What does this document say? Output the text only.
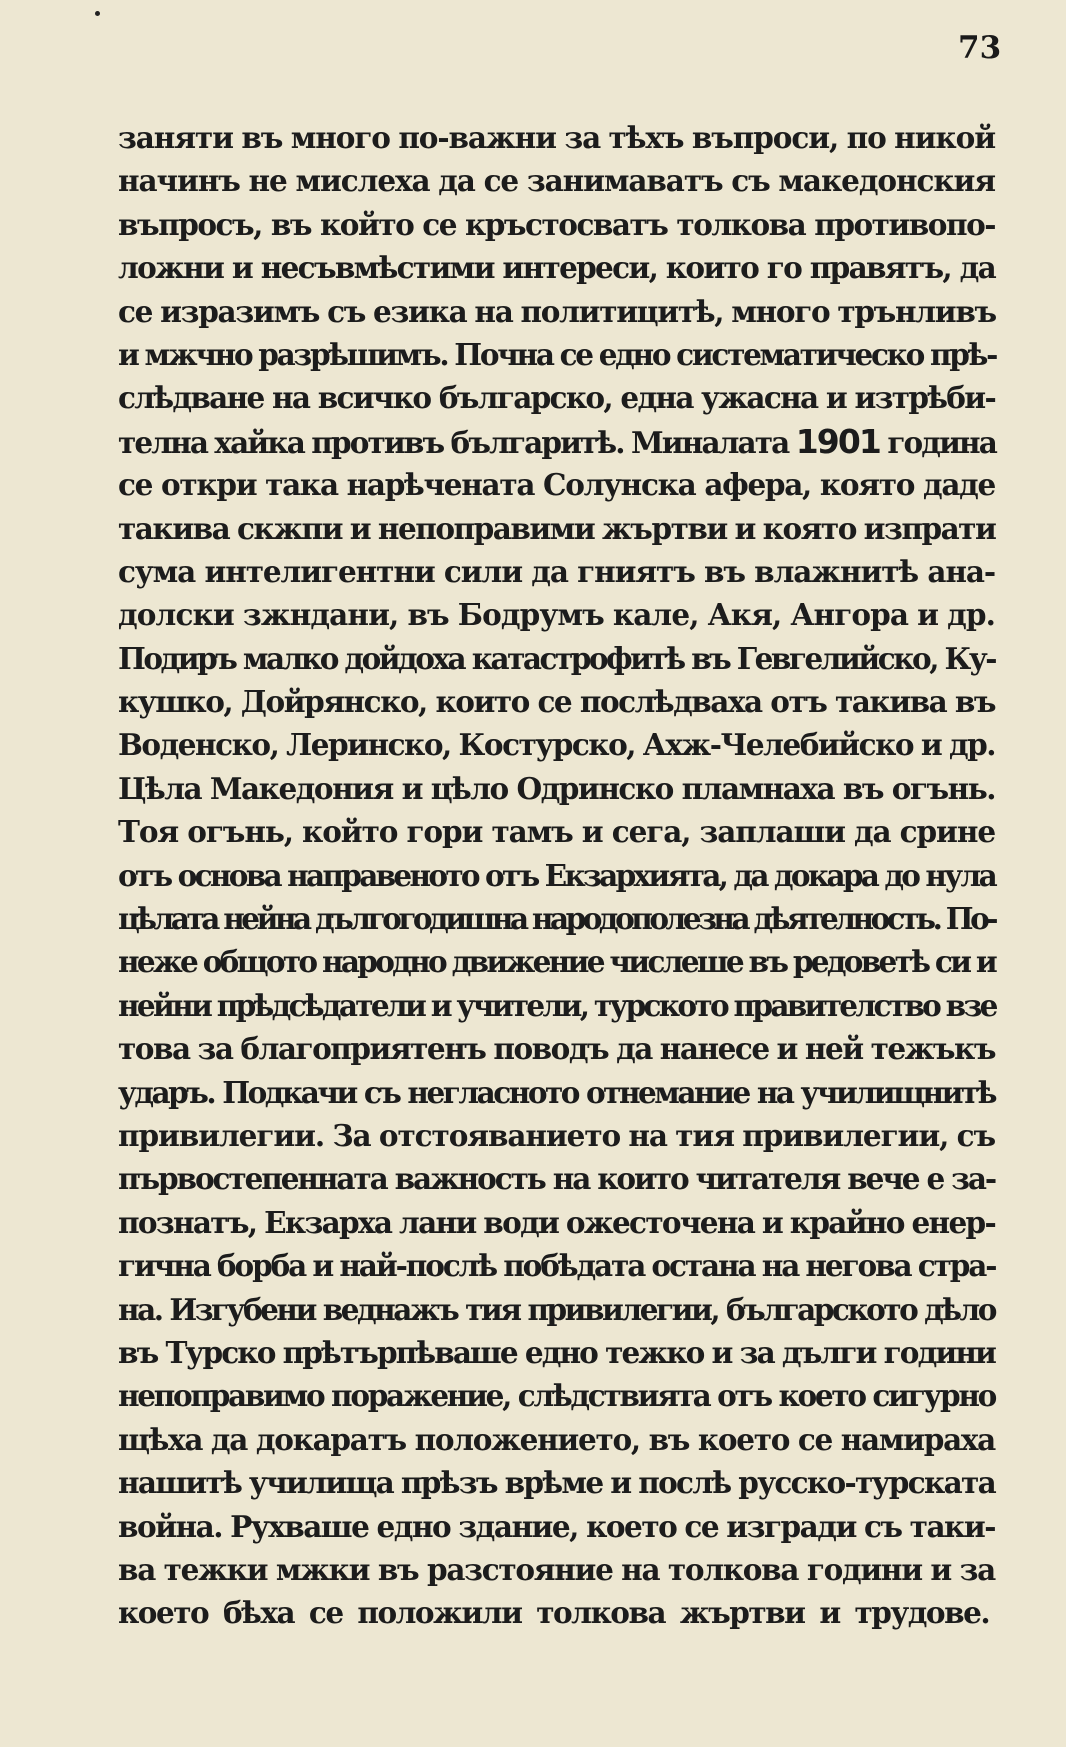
73
заняти въ много по-важни за тѣхъ въпроси, по никой
начинъ не мислеха да се занимаватъ съ македонския
въпросъ, въ който се кръстосватъ толкова противопо-
ложни и несъвмѣстими интереси, които го правятъ, да
се изразимъ съ езика на политицитѣ, много трънливъ
и мжчно разрѣшимъ. Почна се едно систематическо прѣ-
слѣдване на всичко българско, една ужасна и изтрѣби-
телна хайка противъ българитѣ. Миналата 1901 година
се откри така нарѣчената Солунска афера, която даде
такива скжпи и непоправими жъртви и която изпрати
сума интелигентни сили да гниятъ въ влажнитѣ ана-
долски зжндани, въ Бодрумъ кале, Акя, Ангора и др.
Подиръ малко дойдоха катастрофитѣ въ Гевгелийско, Ку-
кушко, Дойрянско, които се послѣдваха отъ такива въ
Воденско, Леринско, Костурско, Ахж-Челебийско и др.
Цѣла Македония и цѣло Одринско пламнаха въ огънь.
Тоя огънь, който гори тамъ и сега, заплаши да срине
отъ основа направеното отъ Екзархията, да докара до нула
цѣлата нейна дългогодишна народополезна дѣятелность. По-
неже общото народно движение числеше въ редоветѣ си и
нейни прѣдсѣдатели и учители, турското правителство взе
това за благоприятенъ поводъ да нанесе и ней тежъкъ
ударъ. Подкачи съ негласното отнемание на училищнитѣ
привилегии. За отстояванието на тия привилегии, съ
първостепенната важность на които читателя вече е за-
познатъ, Екзарха лани води ожесточена и крайно енер-
гична борба и най-послѣ побѣдата остана на негова стра-
на. Изгубени веднажъ тия привилегии, българското дѣло
въ Турско прѣтърпѣваше едно тежко и за дълги години
непоправимо поражение, слѣдствията отъ което сигурно
щѣха да докаратъ положението, въ което се намираха
нашитѣ училища прѣзъ врѣме и послѣ русско-турската
война. Рухваше едно здание, което се изгради съ таки-
ва тежки мжки въ разстояние на толкова години и за
което бѣха се положили толкова жъртви и трудове.
